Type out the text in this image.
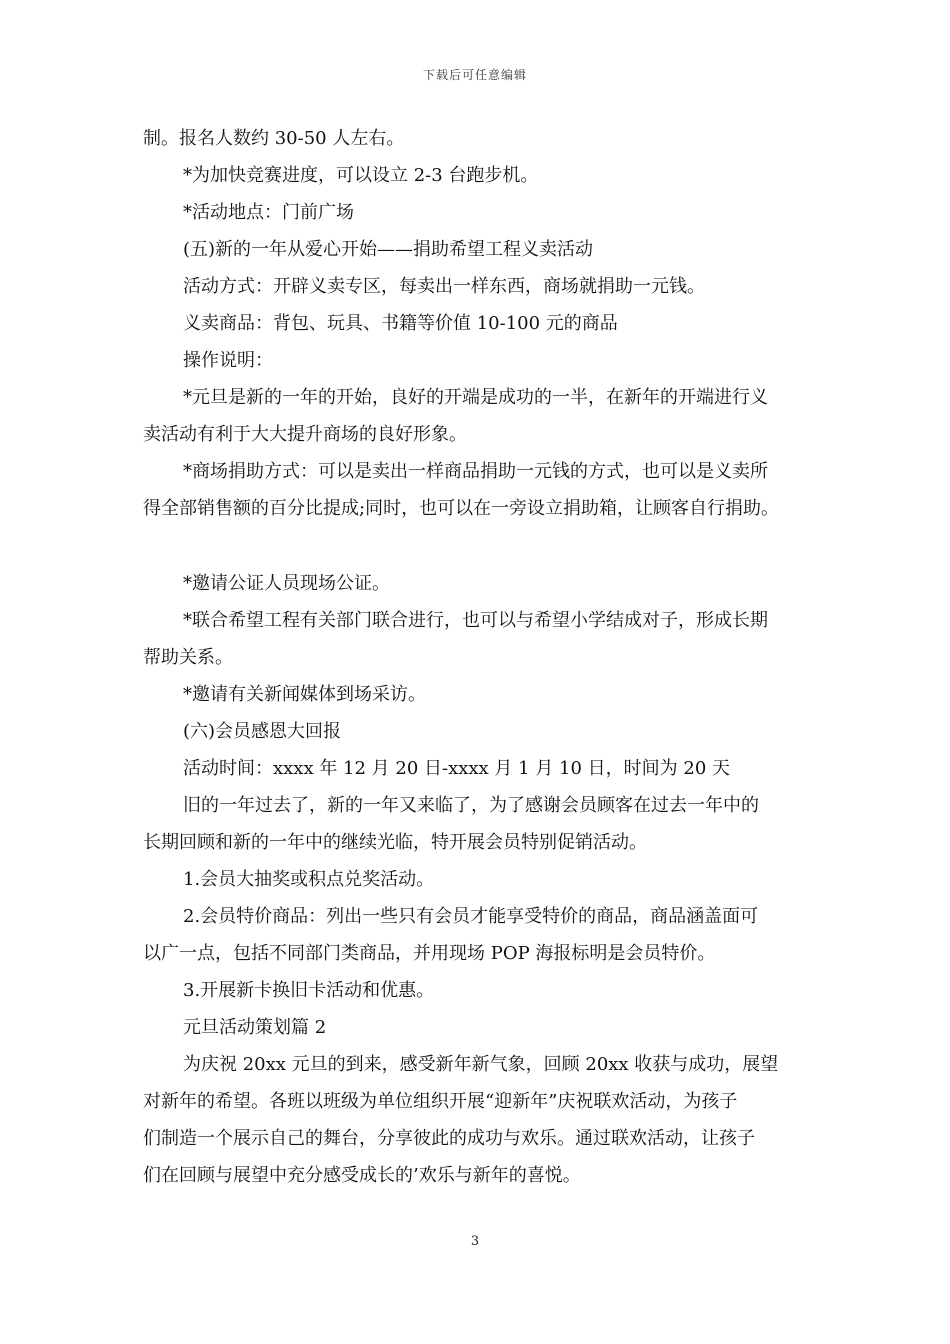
下载后可任意编辑
制。报名人数约 30-50 人左右。
*为加快竞赛进度，可以设立 2-3 台跑步机。
*活动地点：门前广场
(五)新的一年从爱心开始——捐助希望工程义卖活动
活动方式：开辟义卖专区，每卖出一样东西，商场就捐助一元钱。
义卖商品：背包、玩具、书籍等价值 10-100 元的商品
操作说明：
*元旦是新的一年的开始，良好的开端是成功的一半，在新年的开端进行义
卖活动有利于大大提升商场的良好形象。
*商场捐助方式：可以是卖出一样商品捐助一元钱的方式，也可以是义卖所
得全部销售额的百分比提成;同时，也可以在一旁设立捐助箱，让顾客自行捐助。
*邀请公证人员现场公证。
*联合希望工程有关部门联合进行，也可以与希望小学结成对子，形成长期
帮助关系。
*邀请有关新闻媒体到场采访。
(六)会员感恩大回报
活动时间：xxxx 年 12 月 20 日-xxxx 月 1 月 10 日，时间为 20 天
旧的一年过去了，新的一年又来临了，为了感谢会员顾客在过去一年中的
长期回顾和新的一年中的继续光临，特开展会员特别促销活动。
1.会员大抽奖或积点兑奖活动。
2.会员特价商品：列出一些只有会员才能享受特价的商品，商品涵盖面可
以广一点，包括不同部门类商品，并用现场 POP 海报标明是会员特价。
3.开展新卡换旧卡活动和优惠。
元旦活动策划篇 2
为庆祝 20xx 元旦的到来，感受新年新气象，回顾 20xx 收获与成功，展望
对新年的希望。各班以班级为单位组织开展“迎新年”庆祝联欢活动，为孩子
们制造一个展示自己的舞台，分享彼此的成功与欢乐。通过联欢活动，让孩子
们在回顾与展望中充分感受成长的’欢乐与新年的喜悦。
3
